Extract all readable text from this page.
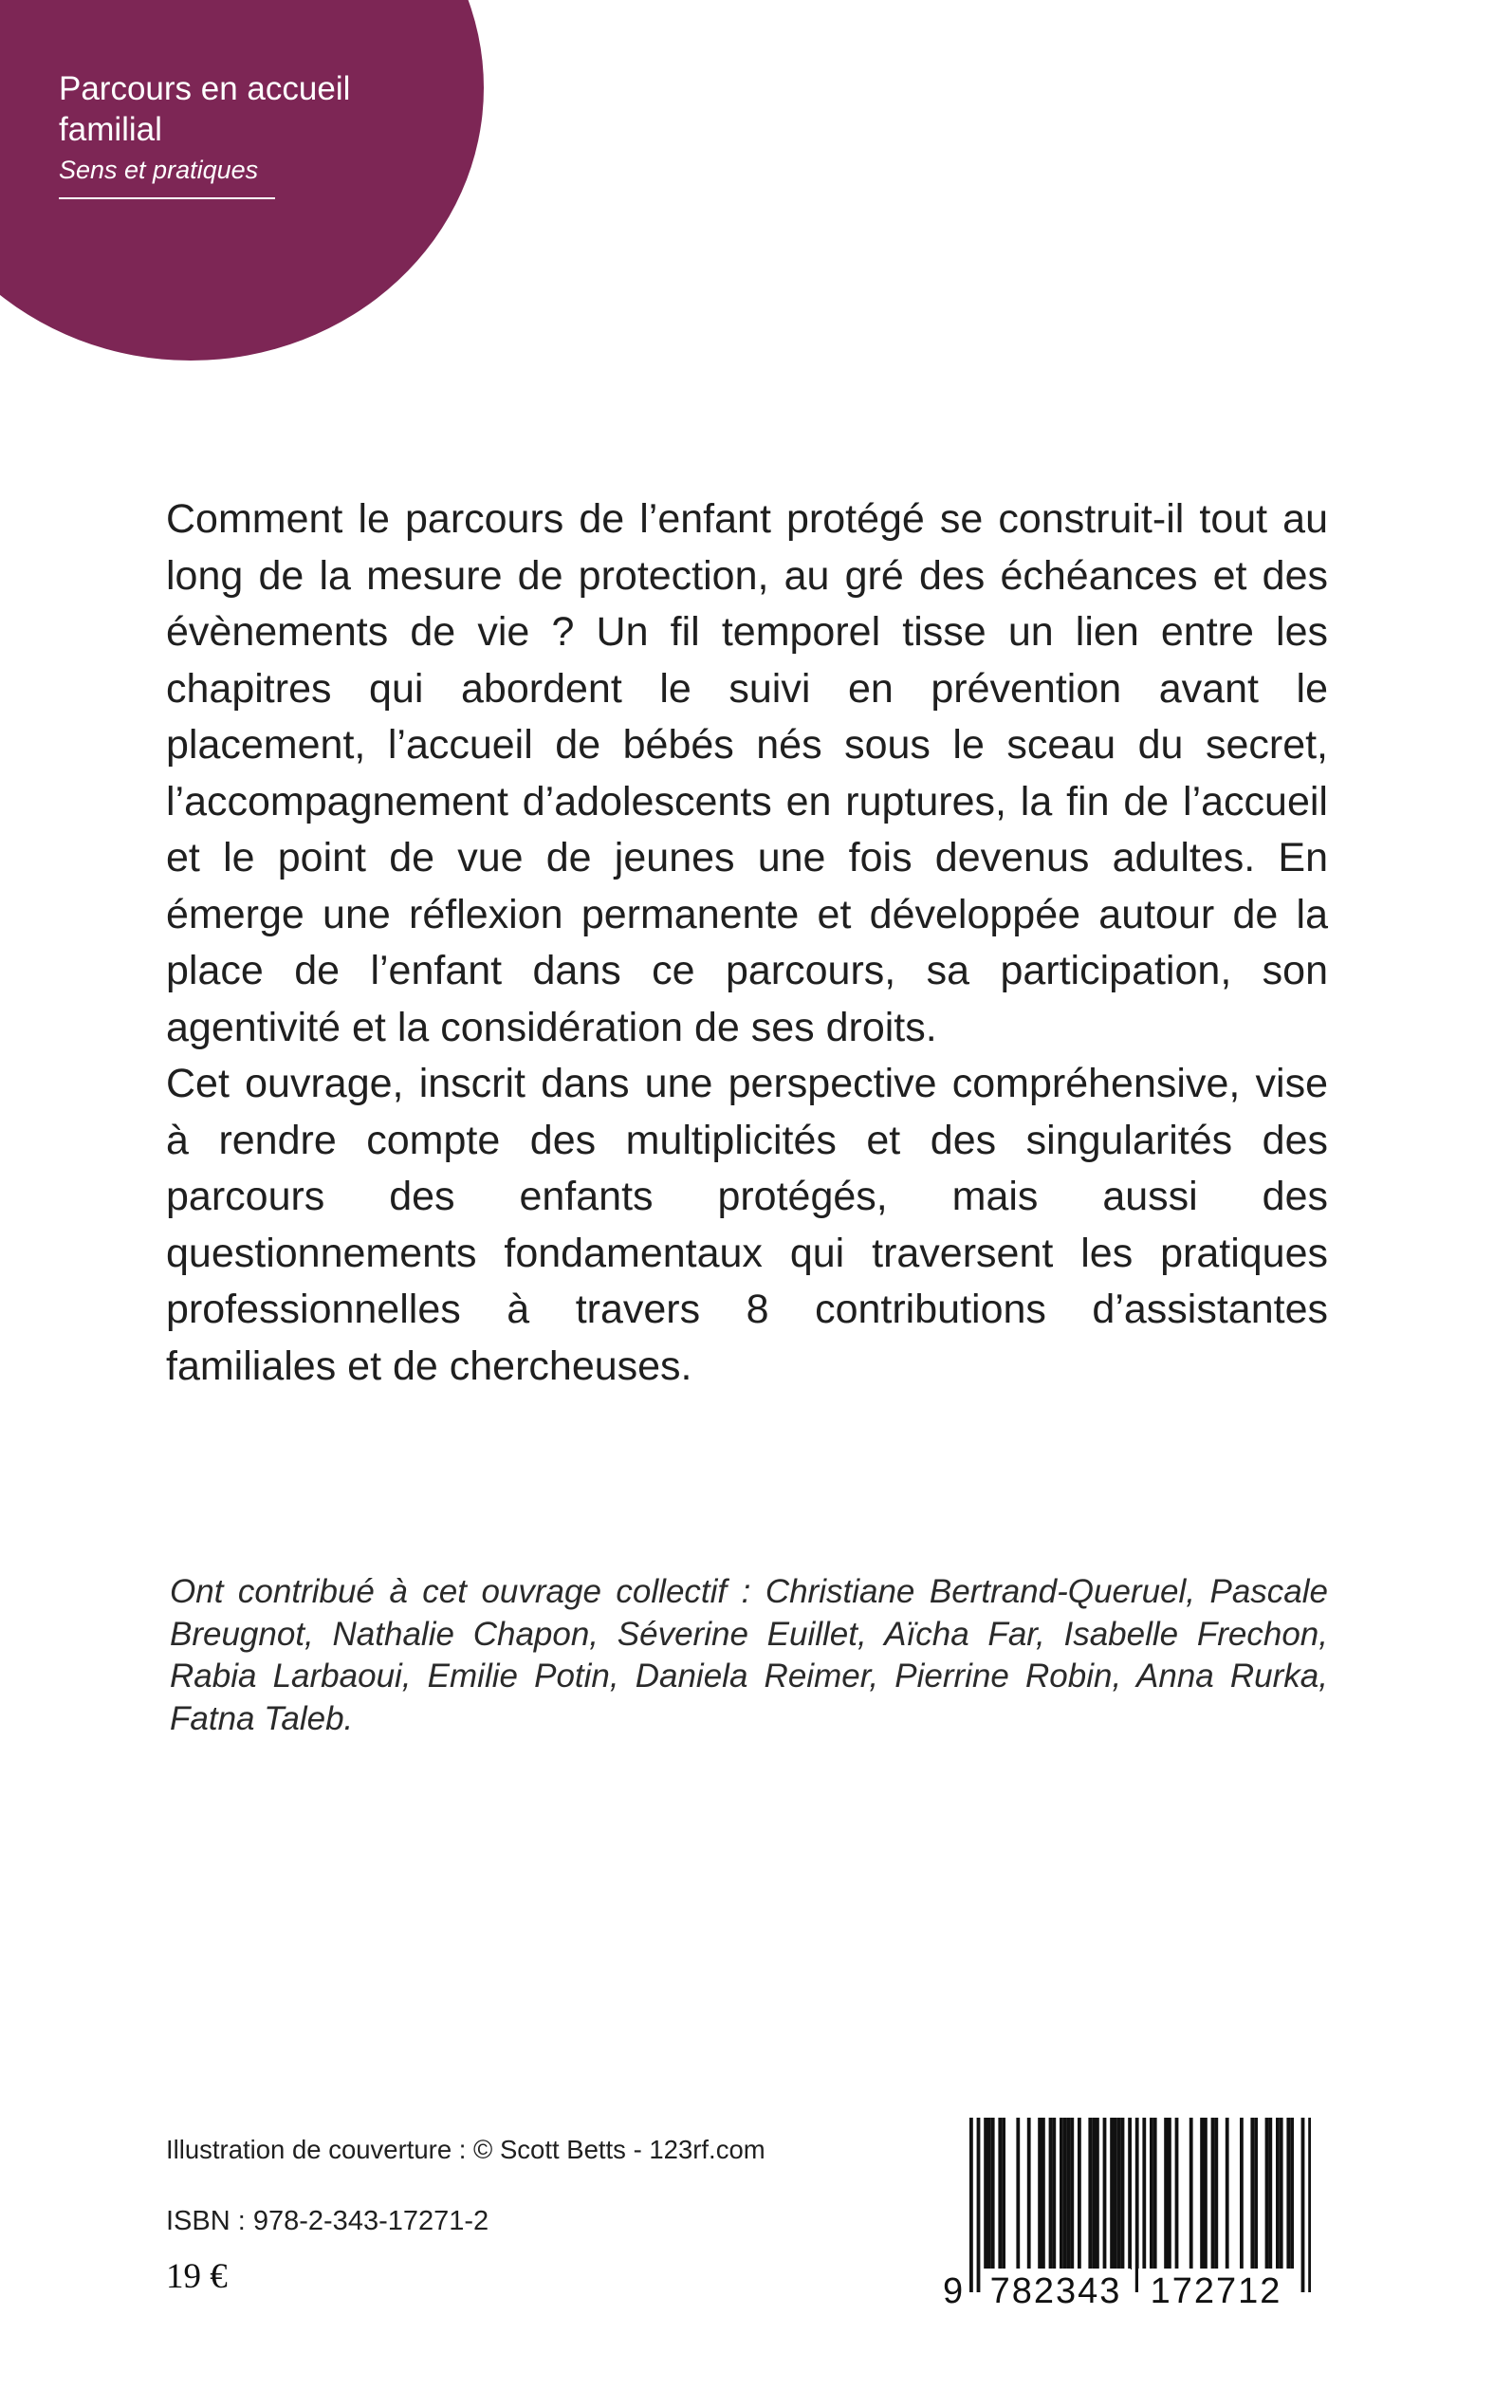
Parcours en accueil familial
Sens et pratiques

Comment le parcours de l’enfant protégé se construit-il tout au long de la mesure de protection, au gré des échéances et des évènements de vie ? Un fil temporel tisse un lien entre les chapitres qui abordent le suivi en prévention avant le placement, l’accueil de bébés nés sous le sceau du secret, l’accompagnement d’adolescents en ruptures, la fin de l’accueil et le point de vue de jeunes une fois devenus adultes. En émerge une réflexion permanente et développée autour de la place de l’enfant dans ce parcours, sa participation, son agentivité et la considération de ses droits.

Cet ouvrage, inscrit dans une perspective compréhensive, vise à rendre compte des multiplicités et des singularités des parcours des enfants protégés, mais aussi des questionnements fondamentaux qui traversent les pratiques professionnelles à travers 8 contributions d’assistantes familiales et de chercheuses.

Ont contribué à cet ouvrage collectif : Christiane Bertrand-Queruel, Pascale Breugnot, Nathalie Chapon, Séverine Euillet, Aïcha Far, Isabelle Frechon, Rabia Larbaoui, Emilie Potin, Daniela Reimer, Pierrine Robin, Anna Rurka, Fatna Taleb.
Illustration de couverture : © Scott Betts - 123rf.com
ISBN : 978-2-343-17271-2
19 €	9 782343 172712
